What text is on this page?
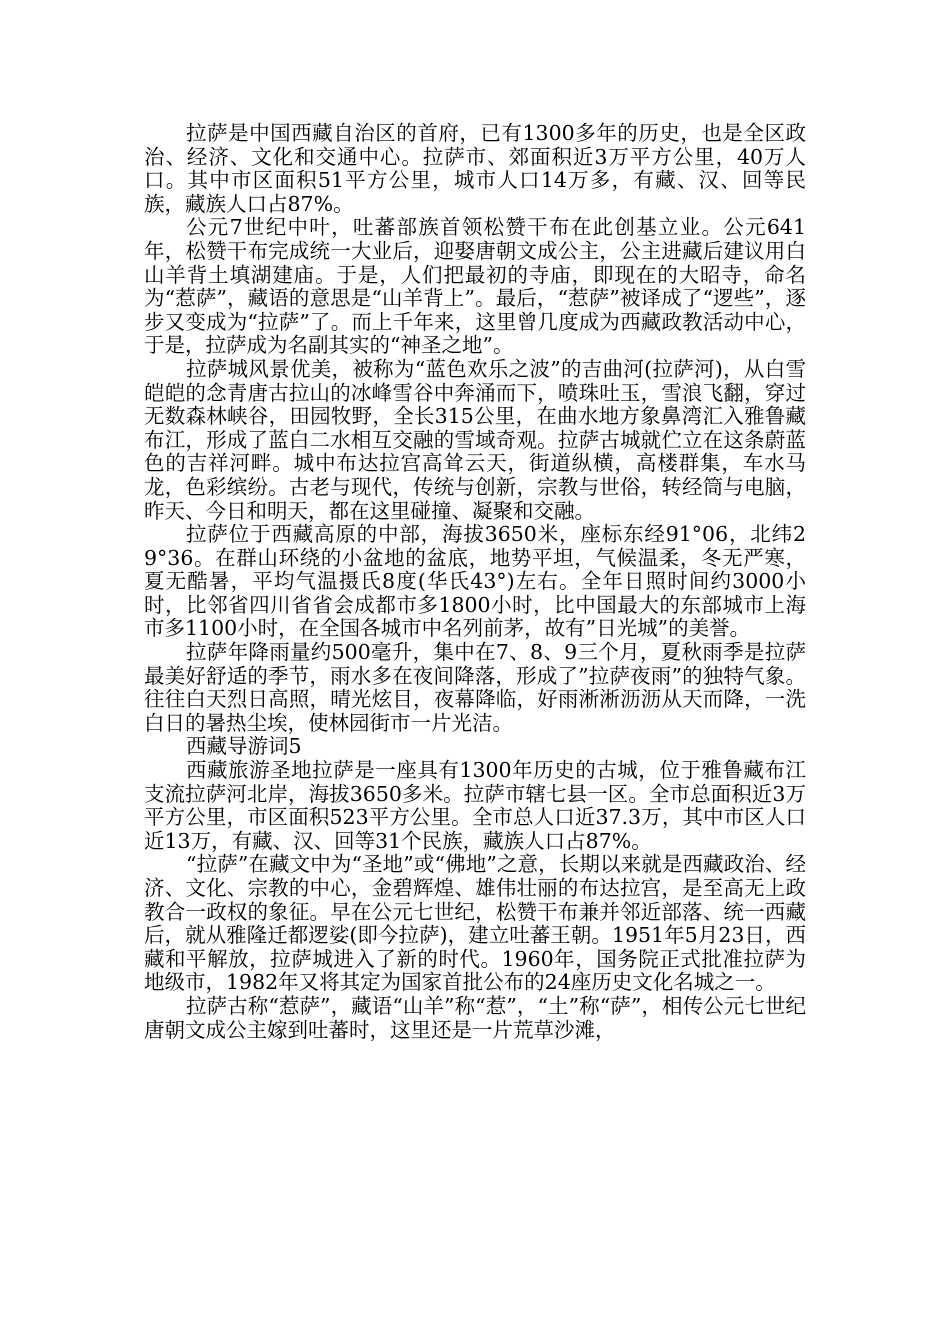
拉萨是中国西藏自治区的首府，已有1300多年的历史，也是全区政治、经济、文化和交通中心。拉萨市、郊面积近3万平方公里，40万人口。其中市区面积51平方公里，城市人口14万多，有藏、汉、回等民族，藏族人口占87%。

公元7世纪中叶，吐蕃部族首领松赞干布在此创基立业。公元641年，松赞干布完成统一大业后，迎娶唐朝文成公主，公主进藏后建议用白山羊背土填湖建庙。于是，人们把最初的寺庙，即现在的大昭寺，命名为“惹萨”，藏语的意思是“山羊背上”。最后，“惹萨”被译成了“逻些”，逐步又变成为“拉萨”了。而上千年来，这里曾几度成为西藏政教活动中心，于是，拉萨成为名副其实的“神圣之地”。

拉萨城风景优美，被称为“蓝色欢乐之波”的吉曲河(拉萨河)，从白雪皑皑的念青唐古拉山的冰峰雪谷中奔涌而下，喷珠吐玉，雪浪飞翻，穿过无数森林峡谷，田园牧野，全长315公里，在曲水地方象鼻湾汇入雅鲁藏布江，形成了蓝白二水相互交融的雪域奇观。拉萨古城就伫立在这条蔚蓝色的吉祥河畔。城中布达拉宫高耸云天，街道纵横，高楼群集，车水马龙，色彩缤纷。古老与现代，传统与创新，宗教与世俗，转经筒与电脑，昨天、今日和明天，都在这里碰撞、凝聚和交融。

拉萨位于西藏高原的中部，海拔3650米，座标东经91°06，北纬29°36。在群山环绕的小盆地的盆底，地势平坦，气候温柔，冬无严寒，夏无酷暑，平均气温摄氏8度(华氏43°)左右。全年日照时间约3000小时，比邻省四川省省会成都市多1800小时，比中国最大的东部城市上海市多1100小时，在全国各城市中名列前茅，故有”日光城”的美誉。

拉萨年降雨量约500毫升，集中在7、8、9三个月，夏秋雨季是拉萨最美好舒适的季节，雨水多在夜间降落，形成了”拉萨夜雨”的独特气象。往往白天烈日高照，晴光炫目，夜幕降临，好雨淅淅沥沥从天而降，一洗白日的暑热尘埃，使林园街市一片光洁。

西藏导游词5

西藏旅游圣地拉萨是一座具有1300年历史的古城，位于雅鲁藏布江支流拉萨河北岸，海拔3650多米。拉萨市辖七县一区。全市总面积近3万平方公里，市区面积523平方公里。全市总人口近37.3万，其中市区人口近13万，有藏、汉、回等31个民族，藏族人口占87%。

“拉萨”在藏文中为“圣地”或“佛地”之意，长期以来就是西藏政治、经济、文化、宗教的中心，金碧辉煌、雄伟壮丽的布达拉宫，是至高无上政教合一政权的象征。早在公元七世纪，松赞干布兼并邻近部落、统一西藏后，就从雅隆迁都逻娑(即今拉萨)，建立吐蕃王朝。1951年5月23日，西藏和平解放，拉萨城进入了新的时代。1960年，国务院正式批准拉萨为地级市，1982年又将其定为国家首批公布的24座历史文化名城之一。

拉萨古称“惹萨”，藏语“山羊”称“惹”，“土”称“萨”，相传公元七世纪唐朝文成公主嫁到吐蕃时，这里还是一片荒草沙滩，
